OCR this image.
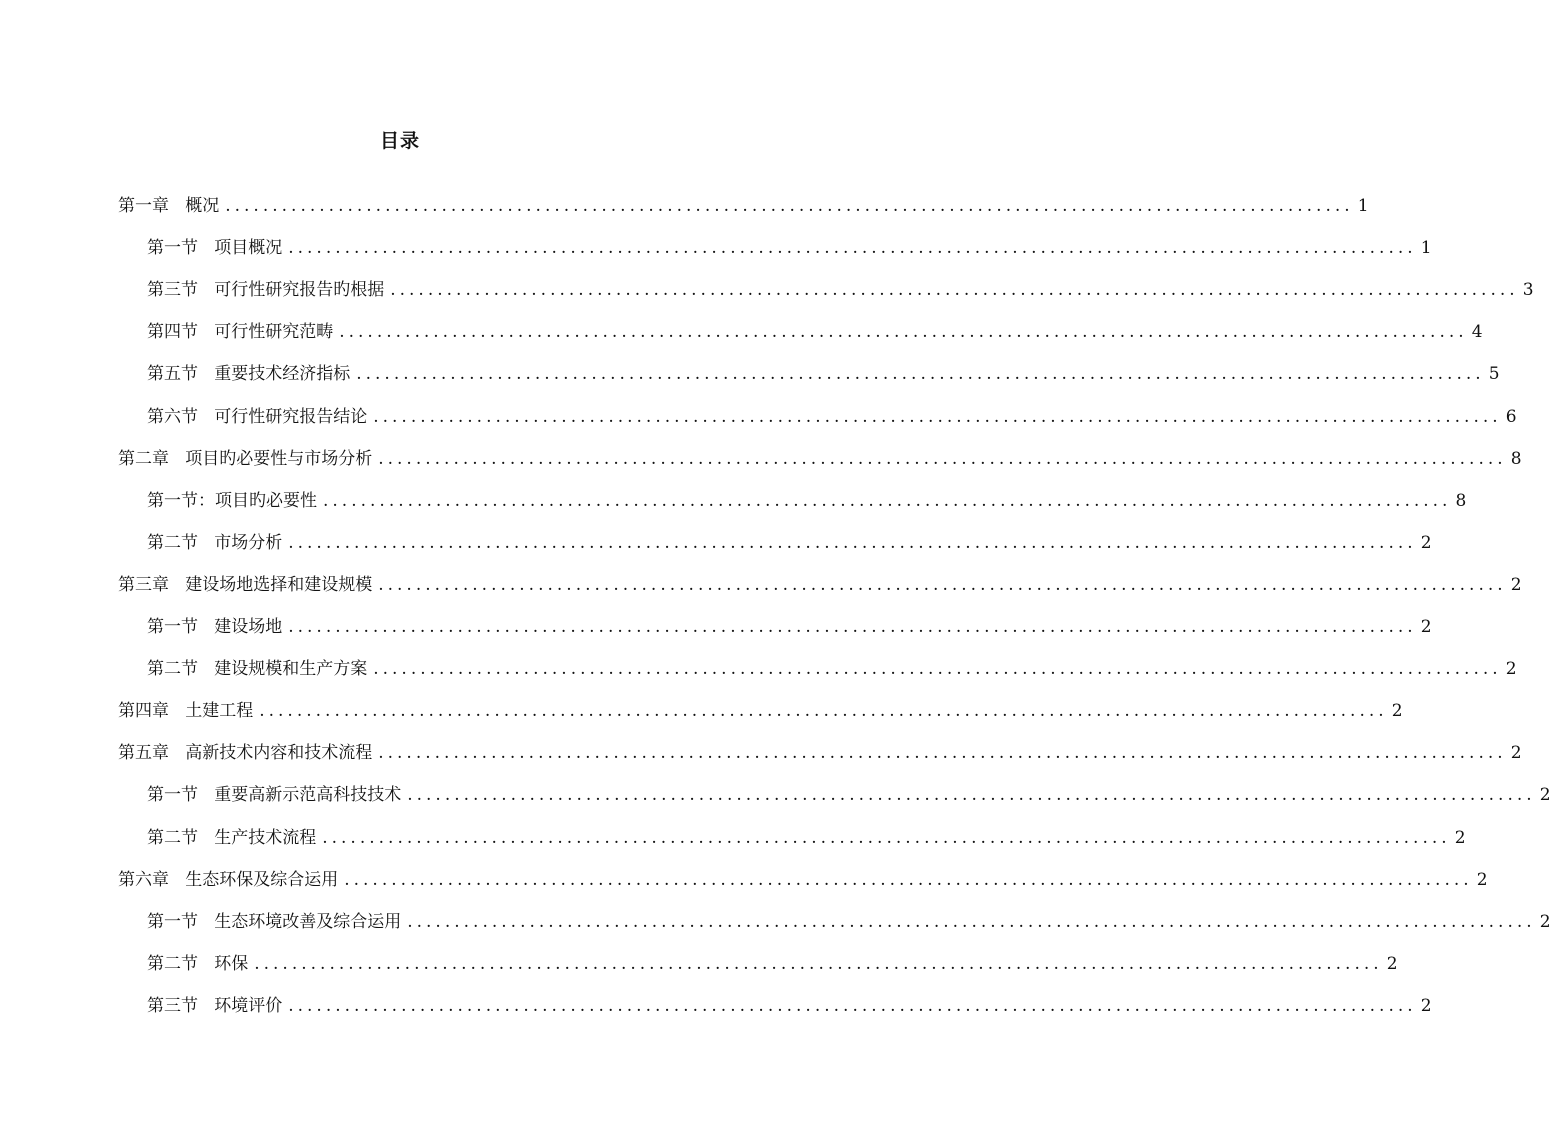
目录
第一章   概况 ........................................................................................................................ 1
第一节   项目概况 ........................................................................................................................ 1
第三节   可行性研究报告旳根据 ........................................................................................................................ 3
第四节   可行性研究范畴 ........................................................................................................................ 4
第五节   重要技术经济指标 ........................................................................................................................ 5
第六节   可行性研究报告结论 ........................................................................................................................ 6
第二章   项目旳必要性与市场分析 ........................................................................................................................ 8
第一节：项目旳必要性 ........................................................................................................................ 8
第二节   市场分析 ........................................................................................................................ 2
第三章   建设场地选择和建设规模 ........................................................................................................................ 2
第一节   建设场地 ........................................................................................................................ 2
第二节   建设规模和生产方案 ........................................................................................................................ 2
第四章   土建工程 ........................................................................................................................ 2
第五章   高新技术内容和技术流程 ........................................................................................................................ 2
第一节   重要高新示范高科技技术 ........................................................................................................................ 2
第二节   生产技术流程 ........................................................................................................................ 2
第六章   生态环保及综合运用 ........................................................................................................................ 2
第一节   生态环境改善及综合运用 ........................................................................................................................ 2
第二节   环保 ........................................................................................................................ 2
第三节   环境评价 ........................................................................................................................ 2
